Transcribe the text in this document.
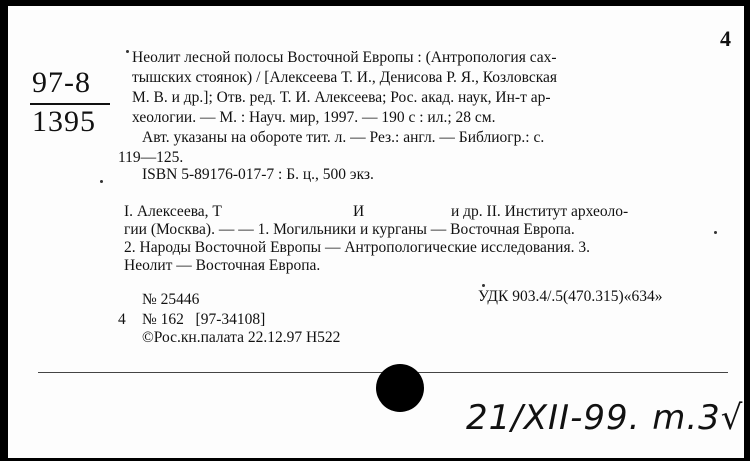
4
97-8
1395
Неолит лесной полосы Восточной Европы : (Антропология сах-
тышских стоянок) / [Алексеева Т. И., Денисова Р. Я., Козловская
М. В. и др.]; Отв. ред. Т. И. Алексеева; Рос. акад. наук, Ин-т ар-
хеологии. — М. : Науч. мир, 1997. — 190 с : ил.; 28 см.
Авт. указаны на обороте тит. л. — Рез.: англ. — Библиогр.: с.
119—125.
ISBN 5-89176-017-7 : Б. ц., 500 экз.
I. Алексеева, Т	И	и др. II. Институт археоло-
гии (Москва). — — 1. Могильники и курганы — Восточная Европа.
2. Народы Восточной Европы — Антропологические исследования. 3.
Неолит — Восточная Европа.
№ 25446	УДК 903.4/.5(470.315)«634»
4 № 162   [97-34108]
©Рос.кн.палата 22.12.97 Н522
21/XII-99. m.3√
